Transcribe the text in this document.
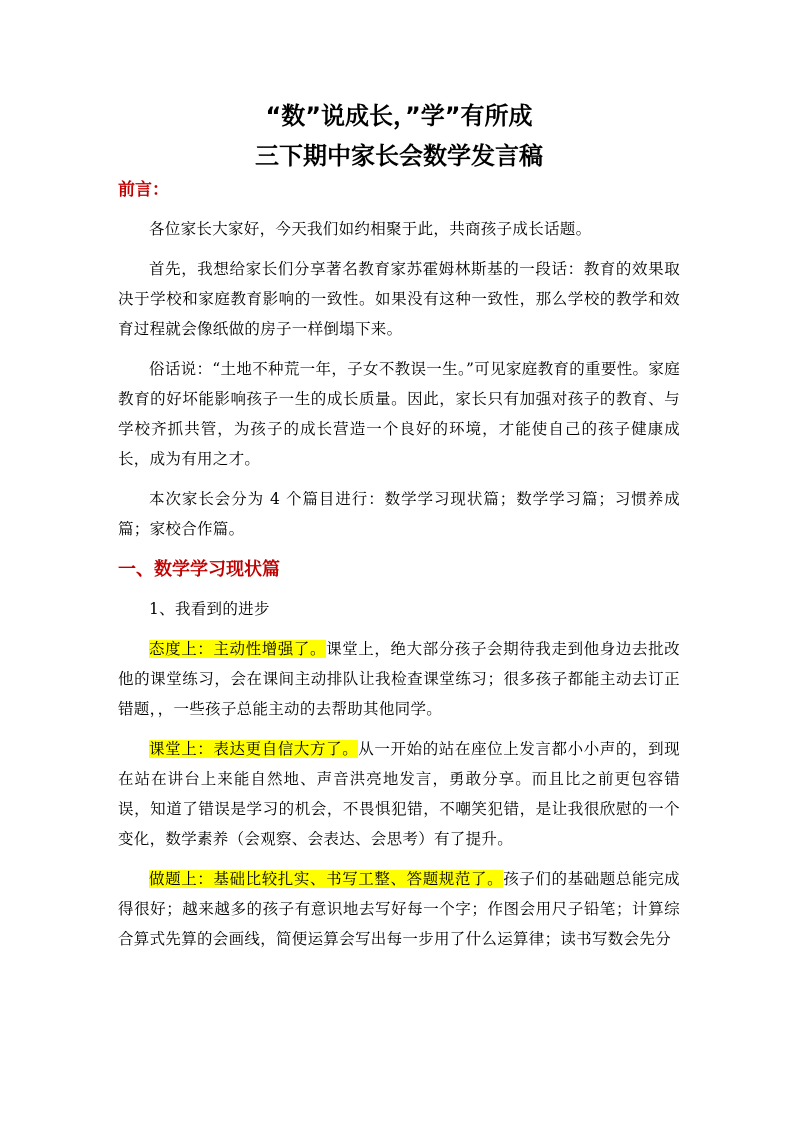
“数”说成长，”学”有所成
三下期中家长会数学发言稿
前言：

各位家长大家好，今天我们如约相聚于此，共商孩子成长话题。

首先，我想给家长们分享著名教育家苏霍姆林斯基的一段话：教育的效果取决于学校和家庭教育影响的一致性。如果没有这种一致性，那么学校的教学和效育过程就会像纸做的房子一样倒塌下来。

俗话说：“土地不种荒一年，子女不教误一生。”可见家庭教育的重要性。家庭教育的好坏能影响孩子一生的成长质量。因此，家长只有加强对孩子的教育、与学校齐抓共管，为孩子的成长营造一个良好的环境，才能使自己的孩子健康成长，成为有用之才。

本次家长会分为 4 个篇目进行：数学学习现状篇；数学学习篇；习惯养成篇；家校合作篇。

一、数学学习现状篇

1、我看到的进步

态度上：主动性增强了。课堂上，绝大部分孩子会期待我走到他身边去批改他的课堂练习，会在课间主动排队让我检查课堂练习；很多孩子都能主动去订正错题，，一些孩子总能主动的去帮助其他同学。

课堂上：表达更自信大方了。从一开始的站在座位上发言都小小声的，到现在站在讲台上来能自然地、声音洪亮地发言，勇敢分享。而且比之前更包容错误，知道了错误是学习的机会，不畏惧犯错，不嘲笑犯错，是让我很欣慰的一个变化，数学素养（会观察、会表达、会思考）有了提升。

做题上：基础比较扎实、书写工整、答题规范了。孩子们的基础题总能完成得很好；越来越多的孩子有意识地去写好每一个字；作图会用尺子铅笔；计算综合算式先算的会画线，简便运算会写出每一步用了什么运算律；读书写数会先分
